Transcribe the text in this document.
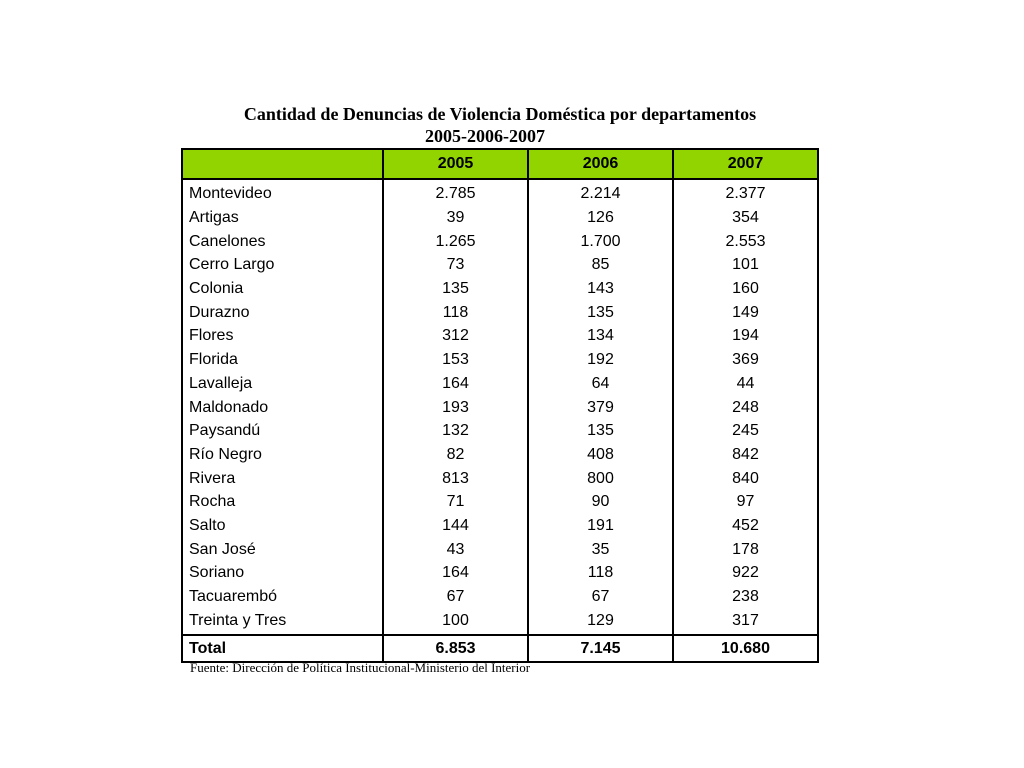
Cantidad de Denuncias de Violencia Doméstica por departamentos
2005-2006-2007
	2005	2006	2007
Montevideo	2.785	2.214	2.377
Artigas	39	126	354
Canelones	1.265	1.700	2.553
Cerro Largo	73	85	101
Colonia	135	143	160
Durazno	118	135	149
Flores	312	134	194
Florida	153	192	369
Lavalleja	164	64	44
Maldonado	193	379	248
Paysandú	132	135	245
Río Negro	82	408	842
Rivera	813	800	840
Rocha	71	90	97
Salto	144	191	452
San José	43	35	178
Soriano	164	118	922
Tacuarembó	67	67	238
Treinta y Tres	100	129	317
Total	6.853	7.145	10.680
Fuente: Dirección de Política Institucional-Ministerio del Interior
